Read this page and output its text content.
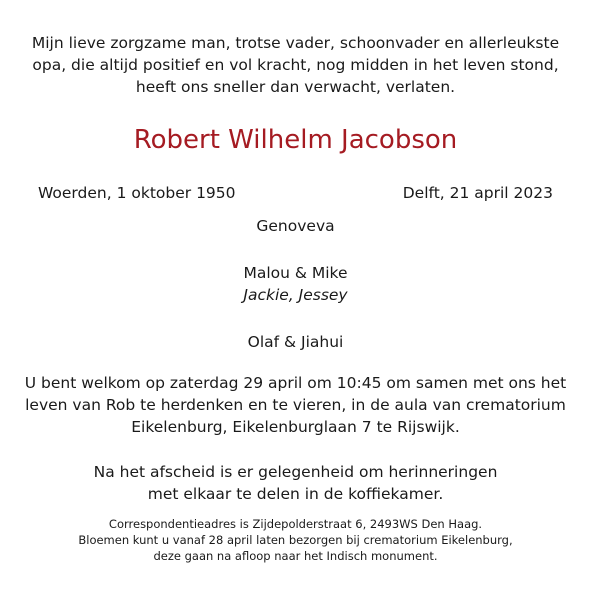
Mijn lieve zorgzame man, trotse vader, schoonvader en allerleukste
opa, die altijd positief en vol kracht, nog midden in het leven stond,
heeft ons sneller dan verwacht, verlaten.
Robert Wilhelm Jacobson
Woerden, 1 oktober 1950	Delft, 21 april 2023
Genoveva
Malou & Mike
Jackie, Jessey
Olaf & Jiahui
U bent welkom op zaterdag 29 april om 10:45 om samen met ons het
leven van Rob te herdenken en te vieren, in de aula van crematorium
Eikelenburg, Eikelenburglaan 7 te Rijswijk.
Na het afscheid is er gelegenheid om herinneringen
met elkaar te delen in de koffiekamer.
Correspondentieadres is Zijdepolderstraat 6, 2493WS Den Haag.
Bloemen kunt u vanaf 28 april laten bezorgen bij crematorium Eikelenburg,
deze gaan na afloop naar het Indisch monument.
